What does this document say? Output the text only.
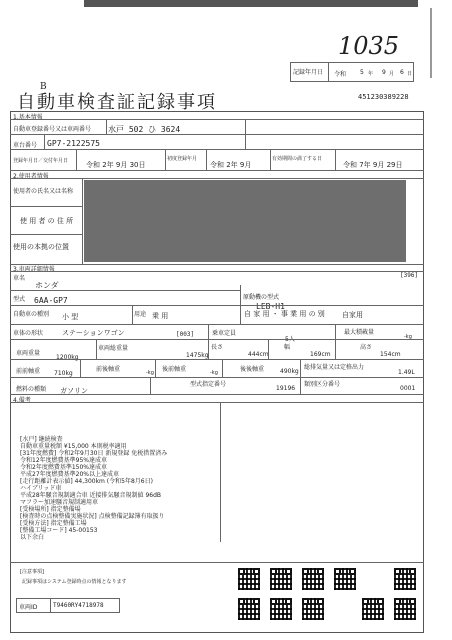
1035
記録年月日 令和 5 年 9 月 6 日
B
自動車検査証記録事項	451230389228
1.基本情報
自動車登録番号又は車両番号 水戸 502 ひ 3624
車台番号 GP7-2122575
登録年月日／交付年月日	令和 2年 9月 30日
初度登録年月
令和 2年 9月
有効期間の満了する日
令和 7年 9月 29日
2.使用者情報
使用者の氏名又は名称
使 用 者 の 住 所
使用の本拠の位置
3.車両詳細情報
[396]
車名
ホンダ
原動機の型式
LEB-H1
型式 6AA-GP7
自動車の種別 小 型	用途 乗 用	自 家 用 ・ 事 業 用 の 別 自家用
車体の形状	ステーションワゴン	[003]	乗車定員
5人
最大積載量
-kg
車両重量
1200kg
車両総重量
1475kg
長さ
444cm
幅
169cm
高さ
154cm
前前軸重 710kg
前後軸重	-kg 後前軸重	-kg	後後軸重	490kg
総排気量又は定格出力
1.49L
燃料の種類 ガソリン
型式指定番号
19196
類別区分番号
0001
4.備考
[水戸] 継続検査
自動車重量税額 ¥15,000 本則税率適用
[31年度燃費] 令和2年9月30日 新規登録 免税措置済み
令和12年度燃費基準95%達成車
令和2年度燃費基準150%達成車
平成27年度燃費基準20%以上達成車
[走行距離計表示値] 44,300km (令和5年8月6日)
ハイブリッド車
平成28年騒音規制適合車 近接排気騒音規制値 96dB
マフラー加速騒音規制適用車
[受検場所] 指定整備場
[検査時の点検整備実施状況] 点検整備記録簿有取扱り
[受検方法] 指定整備工場
[整備工場コード] 45-00153
以下余白
[注意事項]
記録事項はシステム登録時点の情報となります
車両ID	T9460RY4718978
